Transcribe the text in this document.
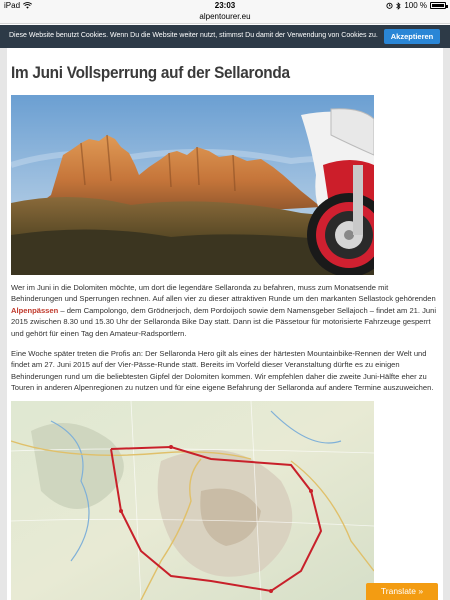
iPad	23:03	100 %
alpentourer.eu
Diese Website benutzt Cookies. Wenn Du die Website weiter nutzt, stimmst Du damit der Verwendung von Cookies zu.	Akzeptieren
Im Juni Vollsperrung auf der Sellaronda

Wer im Juni in die Dolomiten möchte, um dort die legendäre Sellaronda zu befahren, muss zum Monatsende mit Behinderungen und Sperrungen rechnen. Auf allen vier zu dieser attraktiven Runde um den markanten Sellastock gehörenden Alpenpässen – dem Campolongo, dem Grödnerjoch, dem Pordoijoch sowie dem Namensgeber Sellajoch – findet am 21. Juni 2015 zwischen 8.30 und 15.30 Uhr der Sellaronda Bike Day statt. Dann ist die Pässetour für motorisierte Fahrzeuge gesperrt und gehört für einen Tag den Amateur-Radsportlern.

Eine Woche später treten die Profis an: Der Sellaronda Hero gilt als eines der härtesten Mountainbike-Rennen der Welt und findet am 27. Juni 2015 auf der Vier-Pässe-Runde statt. Bereits im Vorfeld dieser Veranstaltung dürfte es zu einigen Behinderungen rund um die beliebtesten Gipfel der Dolomiten kommen. Wir empfehlen daher die zweite Juni-Hälfte eher zu Touren in anderen Alpenregionen zu nutzen und für eine eigene Befahrung der Sellaronda auf andere Termine auszuweichen.

Translate »
